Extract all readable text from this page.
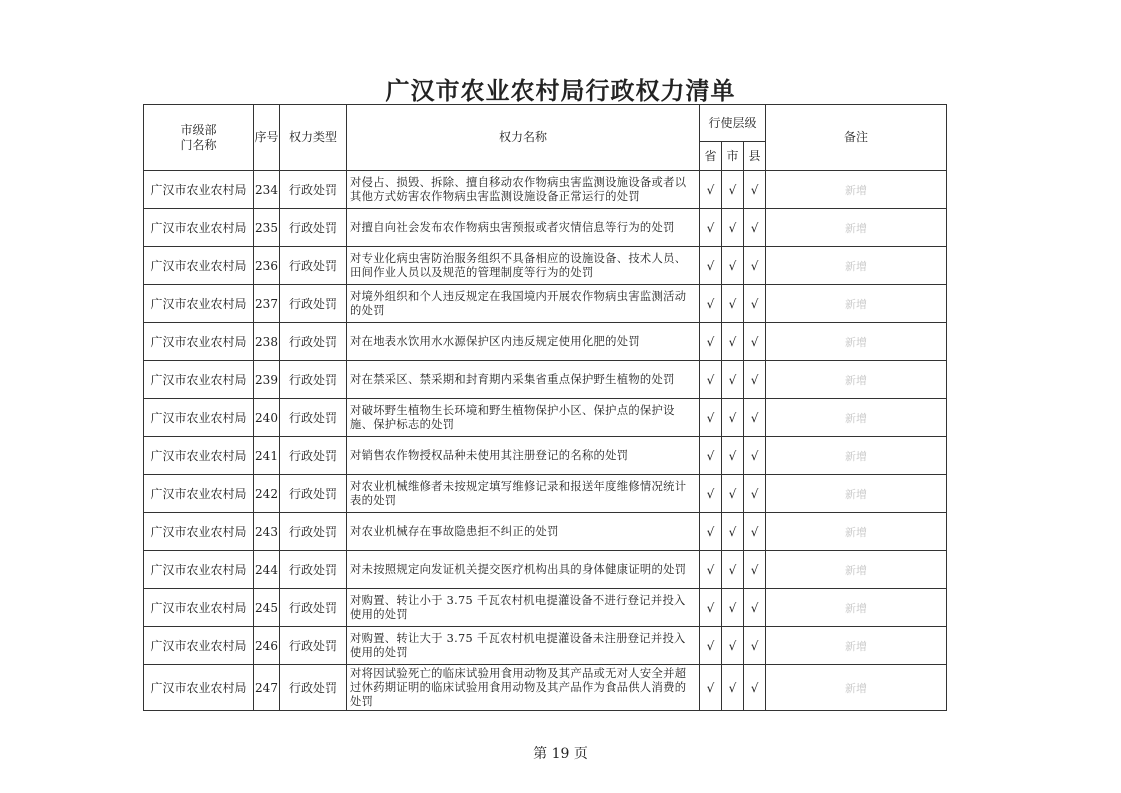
广汉市农业农村局行政权力清单
市级部门名称	序号	权力类型	权力名称	行使层级			备注
				省	市	县	
广汉市农业农村局	234	行政处罚	对侵占、损毁、拆除、擅自移动农作物病虫害监测设施设备或者以其他方式妨害农作物病虫害监测设施设备正常运行的处罚	√	√	√	新增
广汉市农业农村局	235	行政处罚	对擅自向社会发布农作物病虫害预报或者灾情信息等行为的处罚	√	√	√	新增
广汉市农业农村局	236	行政处罚	对专业化病虫害防治服务组织不具备相应的设施设备、技术人员、田间作业人员以及规范的管理制度等行为的处罚	√	√	√	新增
广汉市农业农村局	237	行政处罚	对境外组织和个人违反规定在我国境内开展农作物病虫害监测活动的处罚	√	√	√	新增
广汉市农业农村局	238	行政处罚	对在地表水饮用水水源保护区内违反规定使用化肥的处罚	√	√	√	新增
广汉市农业农村局	239	行政处罚	对在禁采区、禁采期和封育期内采集省重点保护野生植物的处罚	√	√	√	新增
广汉市农业农村局	240	行政处罚	对破坏野生植物生长环境和野生植物保护小区、保护点的保护设施、保护标志的处罚	√	√	√	新增
广汉市农业农村局	241	行政处罚	对销售农作物授权品种未使用其注册登记的名称的处罚	√	√	√	新增
广汉市农业农村局	242	行政处罚	对农业机械维修者未按规定填写维修记录和报送年度维修情况统计表的处罚	√	√	√	新增
广汉市农业农村局	243	行政处罚	对农业机械存在事故隐患拒不纠正的处罚	√	√	√	新增
广汉市农业农村局	244	行政处罚	对未按照规定向发证机关提交医疗机构出具的身体健康证明的处罚	√	√	√	新增
广汉市农业农村局	245	行政处罚	对购置、转让小于 3.75 千瓦农村机电提灌设备不进行登记并投入使用的处罚	√	√	√	新增
广汉市农业农村局	246	行政处罚	对购置、转让大于 3.75 千瓦农村机电提灌设备未注册登记并投入使用的处罚	√	√	√	新增
广汉市农业农村局	247	行政处罚	对将因试验死亡的临床试验用食用动物及其产品或无对人安全并超过休药期证明的临床试验用食用动物及其产品作为食品供人消费的处罚	√	√	√	新增
第 19 页
